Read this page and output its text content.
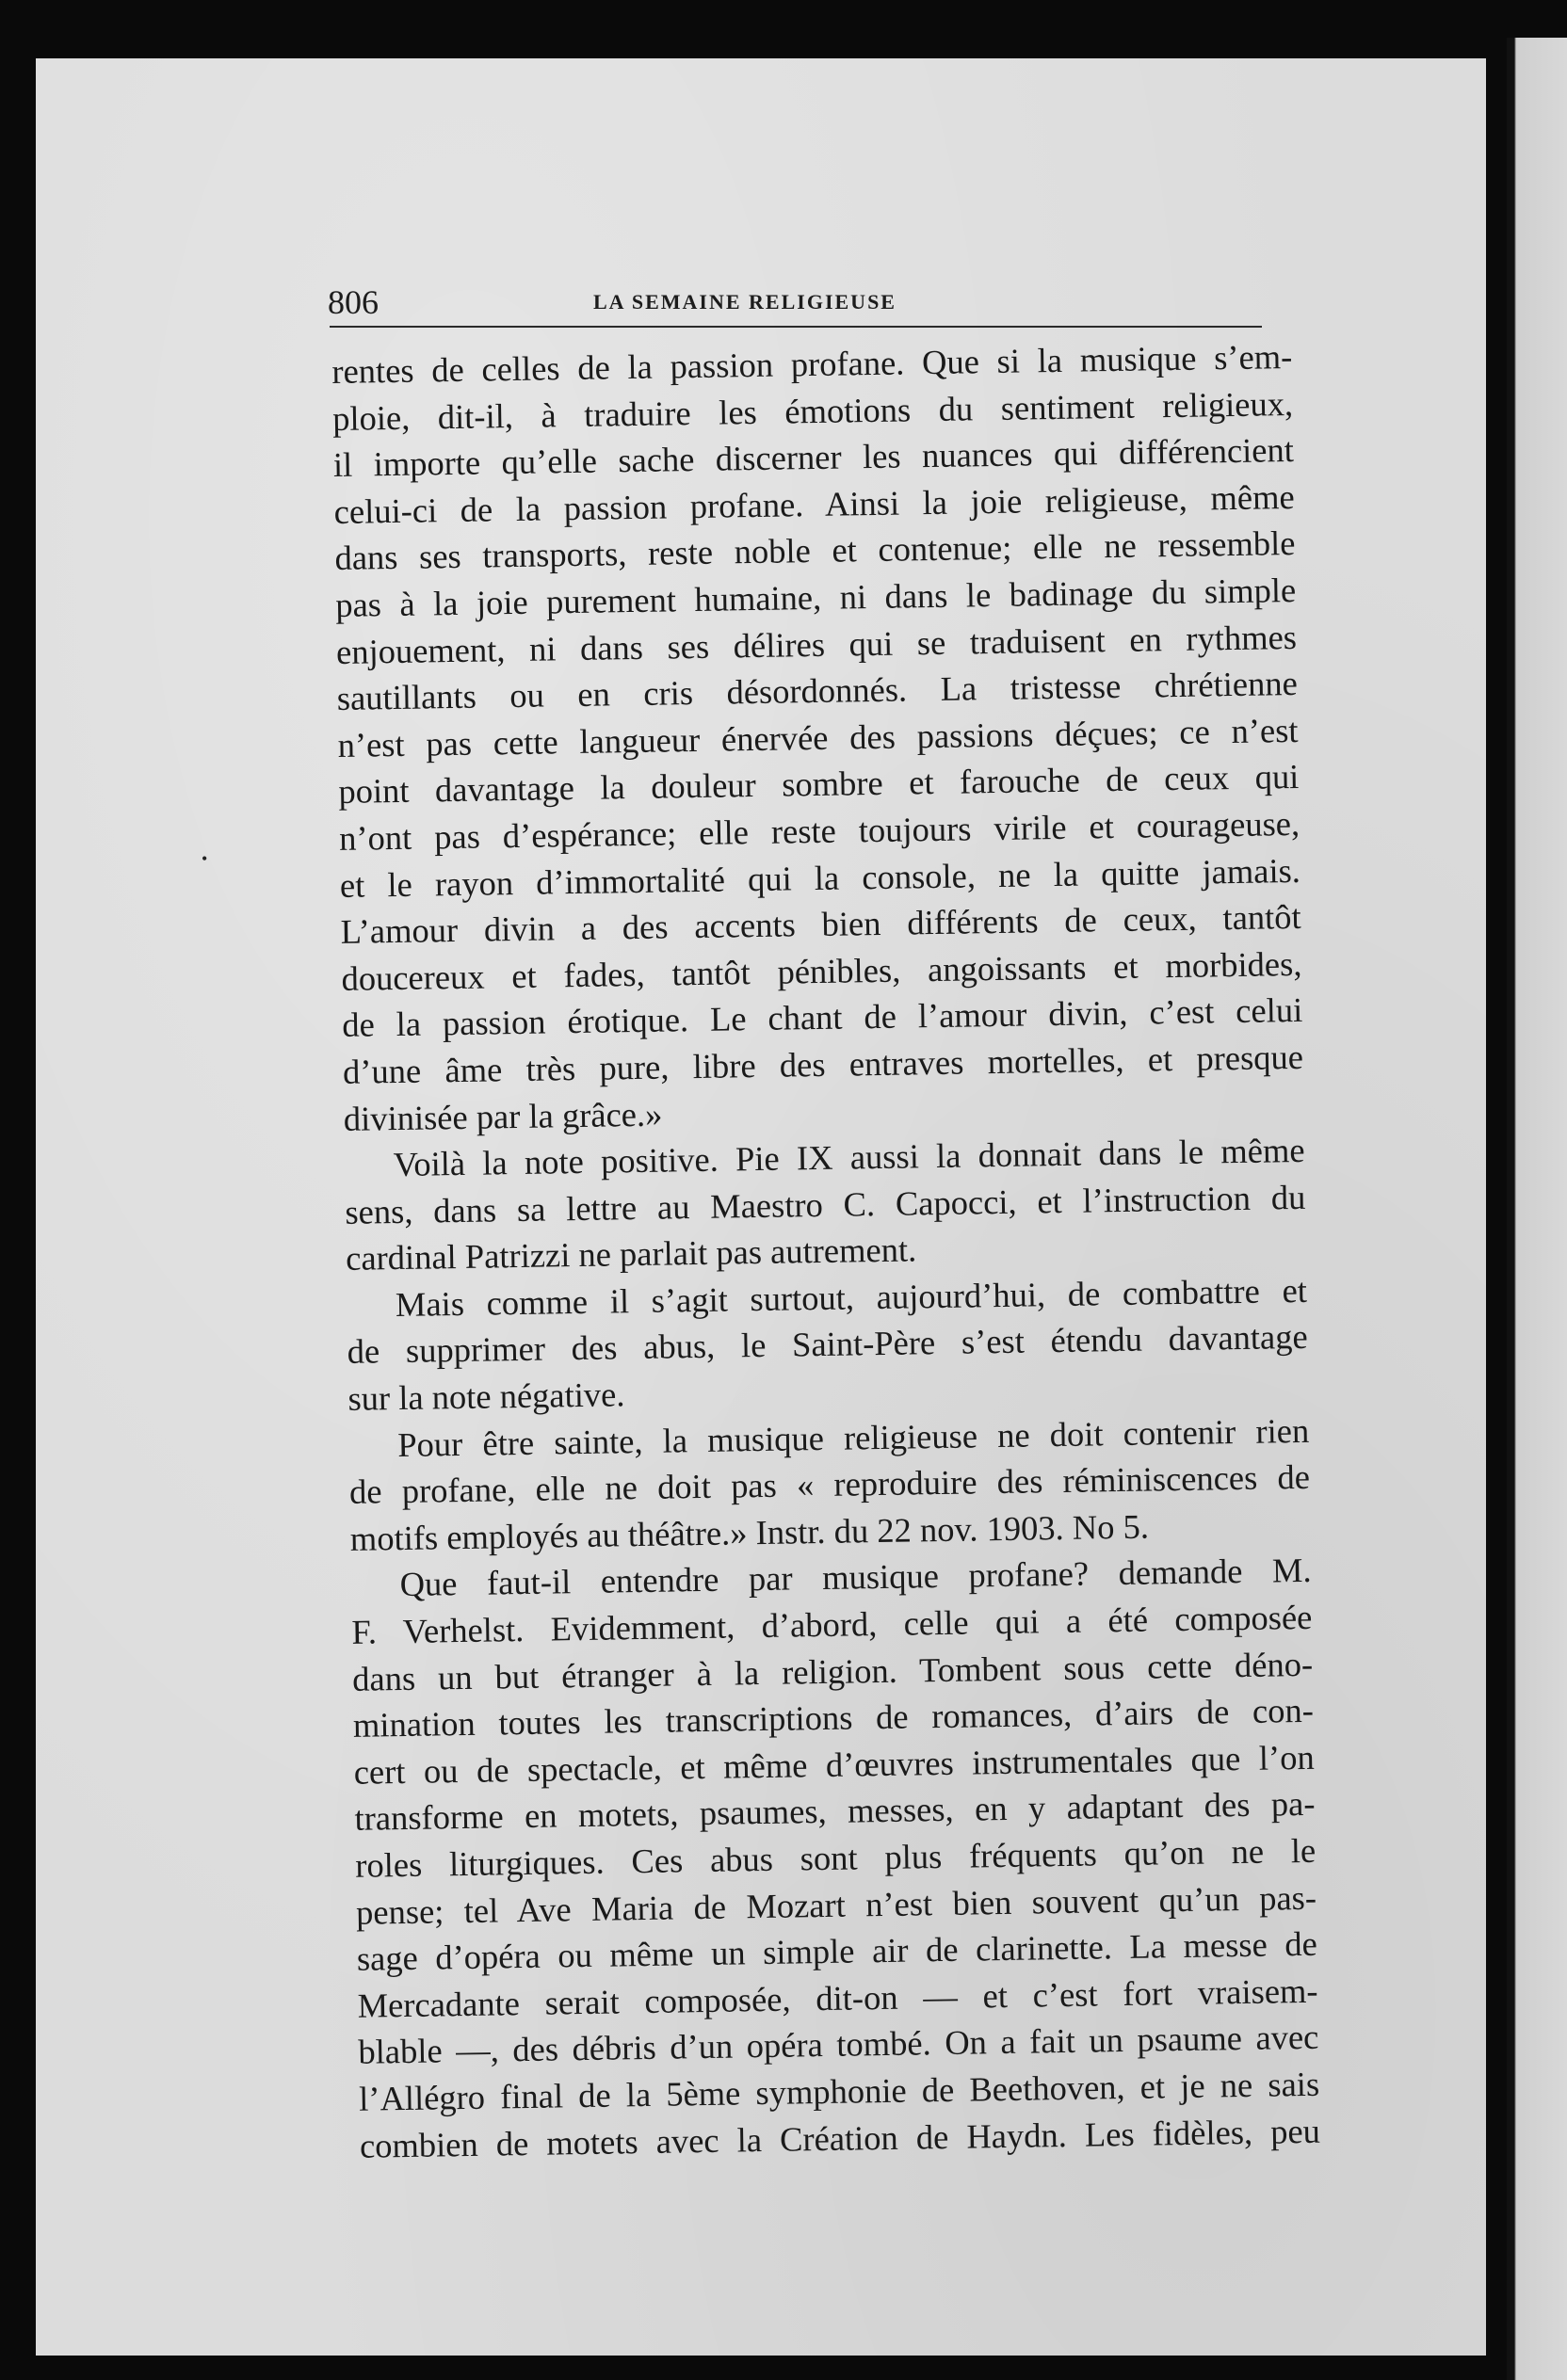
806	LA SEMAINE RELIGIEUSE
rentes de celles de la passion profane. Que si la musique s’em-
ploie, dit-il, à traduire les émotions du sentiment religieux,
il importe qu’elle sache discerner les nuances qui différencient
celui-ci de la passion profane. Ainsi la joie religieuse, même
dans ses transports, reste noble et contenue; elle ne ressemble
pas à la joie purement humaine, ni dans le badinage du simple
enjouement, ni dans ses délires qui se traduisent en rythmes
sautillants ou en cris désordonnés. La tristesse chrétienne
n’est pas cette langueur énervée des passions déçues; ce n’est
point davantage la douleur sombre et farouche de ceux qui
n’ont pas d’espérance; elle reste toujours virile et courageuse,
et le rayon d’immortalité qui la console, ne la quitte jamais.
L’amour divin a des accents bien différents de ceux, tantôt
doucereux et fades, tantôt pénibles, angoissants et morbides,
de la passion érotique. Le chant de l’amour divin, c’est celui
d’une âme très pure, libre des entraves mortelles, et presque
divinisée par la grâce.»
Voilà la note positive. Pie IX aussi la donnait dans le même
sens, dans sa lettre au Maestro C. Capocci, et l’instruction du
cardinal Patrizzi ne parlait pas autrement.
Mais comme il s’agit surtout, aujourd’hui, de combattre et
de supprimer des abus, le Saint-Père s’est étendu davantage
sur la note négative.
Pour être sainte, la musique religieuse ne doit contenir rien
de profane, elle ne doit pas « reproduire des réminiscences de
motifs employés au théâtre.» Instr. du 22 nov. 1903. No 5.
Que faut-il entendre par musique profane? demande M.
F. Verhelst. Evidemment, d’abord, celle qui a été composée
dans un but étranger à la religion. Tombent sous cette déno-
mination toutes les transcriptions de romances, d’airs de con-
cert ou de spectacle, et même d’œuvres instrumentales que l’on
transforme en motets, psaumes, messes, en y adaptant des pa-
roles liturgiques. Ces abus sont plus fréquents qu’on ne le
pense; tel Ave Maria de Mozart n’est bien souvent qu’un pas-
sage d’opéra ou même un simple air de clarinette. La messe de
Mercadante serait composée, dit-on — et c’est fort vraisem-
blable —, des débris d’un opéra tombé. On a fait un psaume avec
l’Allégro final de la 5ème symphonie de Beethoven, et je ne sais
combien de motets avec la Création de Haydn. Les fidèles, peu
•
